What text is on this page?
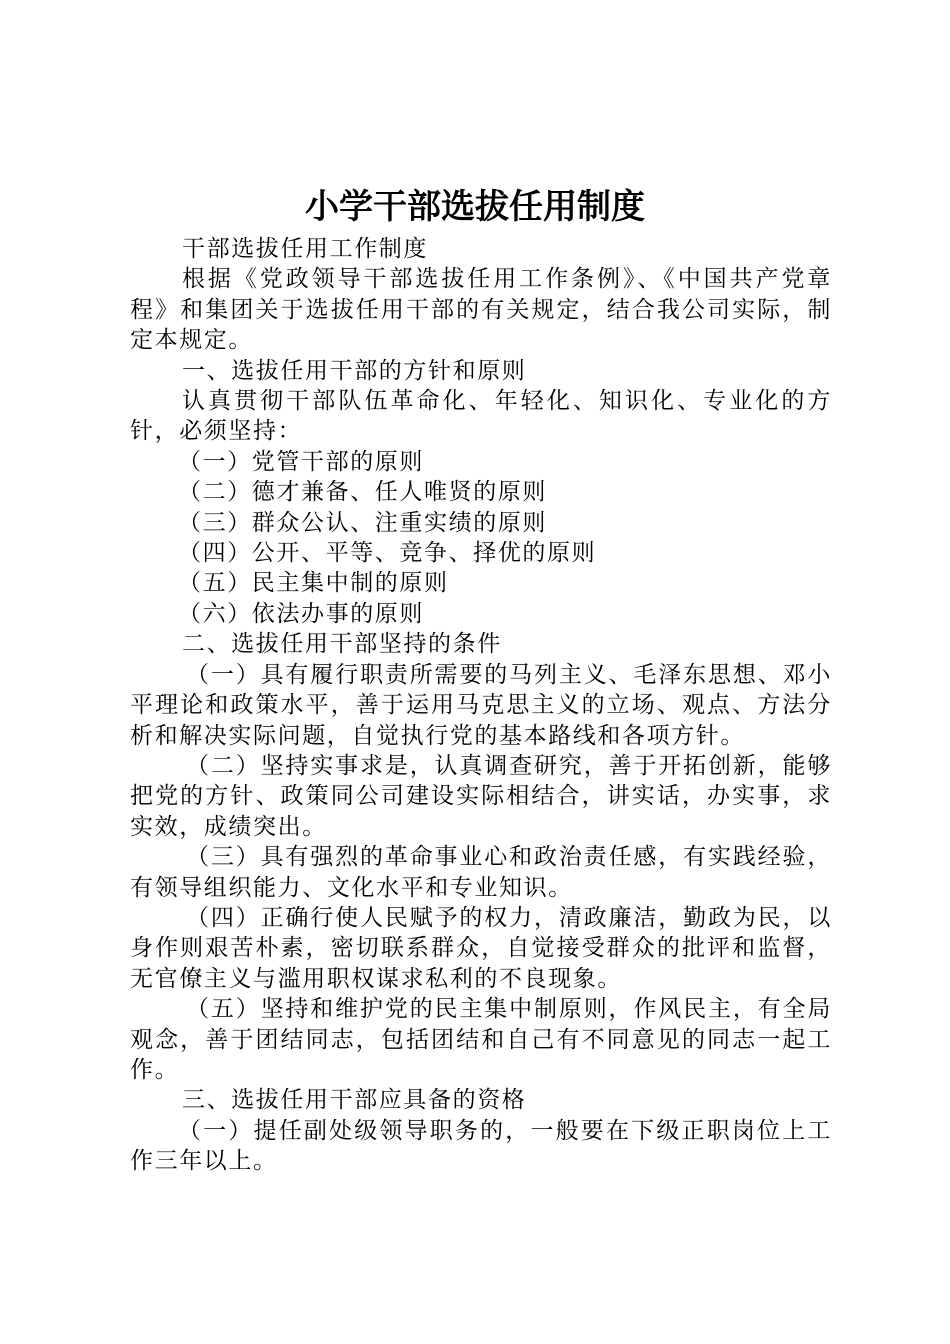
小学干部选拔任用制度

干部选拔任用工作制度

根据《党政领导干部选拔任用工作条例》、《中国共产党章程》和集团关于选拔任用干部的有关规定，结合我公司实际，制定本规定。

一、选拔任用干部的方针和原则

认真贯彻干部队伍革命化、年轻化、知识化、专业化的方针，必须坚持：

（一）党管干部的原则

（二）德才兼备、任人唯贤的原则

（三）群众公认、注重实绩的原则

（四）公开、平等、竞争、择优的原则

（五）民主集中制的原则

（六）依法办事的原则

二、选拔任用干部坚持的条件

（一）具有履行职责所需要的马列主义、毛泽东思想、邓小平理论和政策水平，善于运用马克思主义的立场、观点、方法分析和解决实际问题，自觉执行党的基本路线和各项方针。

（二）坚持实事求是，认真调查研究，善于开拓创新，能够把党的方针、政策同公司建设实际相结合，讲实话，办实事，求实效，成绩突出。

（三）具有强烈的革命事业心和政治责任感，有实践经验，有领导组织能力、文化水平和专业知识。

（四）正确行使人民赋予的权力，清政廉洁，勤政为民，以身作则艰苦朴素，密切联系群众，自觉接受群众的批评和监督，无官僚主义与滥用职权谋求私利的不良现象。

（五）坚持和维护党的民主集中制原则，作风民主，有全局观念，善于团结同志，包括团结和自己有不同意见的同志一起工作。

三、选拔任用干部应具备的资格

（一）提任副处级领导职务的，一般要在下级正职岗位上工作三年以上。
